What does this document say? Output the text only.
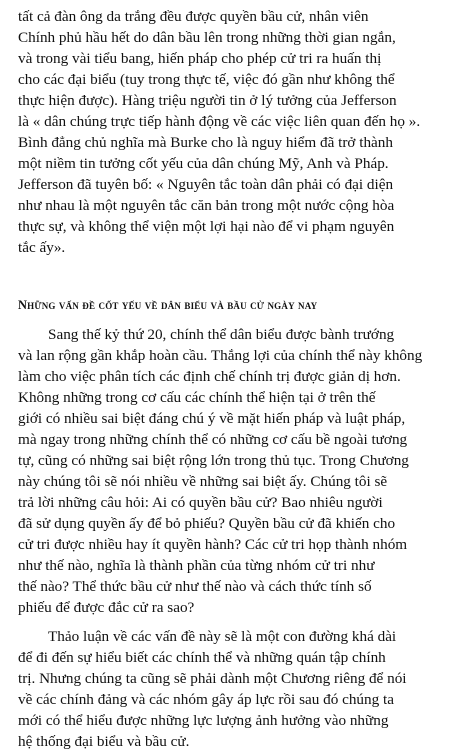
tất cả đàn ông da trắng đều được quyền bầu cử, nhân viên
Chính phủ hầu hết do dân bầu lên trong những thời gian ngắn,
và trong vài tiểu bang, hiến pháp cho phép cử tri ra huấn thị
cho các đại biểu (tuy trong thực tế, việc đó gần như không thể
thực hiện được). Hàng triệu người tin ở lý tưởng của Jefferson
là « dân chúng trực tiếp hành động về các việc liên quan đến họ ».
Bình đẳng chủ nghĩa mà Burke cho là nguy hiểm đã trở thành
một niềm tin tưởng cốt yếu của dân chúng Mỹ, Anh và Pháp.
Jefferson đã tuyên bố: « Nguyên tắc toàn dân phải có đại diện
như nhau là một nguyên tắc căn bản trong một nước cộng hòa
thực sự, và không thể viện một lợi hại nào để vi phạm nguyên
tắc ấy».

Những vấn đề cốt yếu về dân biểu và bầu cử ngày nay

Sang thế kỷ thứ 20, chính thể dân biểu được bành trướng
và lan rộng gần khắp hoàn cầu. Thắng lợi của chính thể này không
làm cho việc phân tích các định chế chính trị được giản dị hơn.
Không những trong cơ cấu các chính thể hiện tại ở trên thế
giới có nhiều sai biệt đáng chú ý về mặt hiến pháp và luật pháp,
mà ngay trong những chính thể có những cơ cấu bề ngoài tương
tự, cũng có những sai biệt rộng lớn trong thủ tục. Trong Chương
này chúng tôi sẽ nói nhiều về những sai biệt ấy. Chúng tôi sẽ
trả lời những câu hỏi: Ai có quyền bầu cử? Bao nhiêu người
đã sử dụng quyền ấy để bỏ phiếu? Quyền bầu cử đã khiến cho
cử tri được nhiều hay ít quyền hành? Các cử tri họp thành nhóm
như thế nào, nghĩa là thành phần của từng nhóm cử tri như
thế nào? Thể thức bầu cử như thế nào và cách thức tính số
phiếu để được đắc cử ra sao?

Thảo luận về các vấn đề này sẽ là một con đường khá dài
để đi đến sự hiểu biết các chính thể và những quán tập chính
trị. Nhưng chúng ta cũng sẽ phải dành một Chương riêng để nói
về các chính đảng và các nhóm gây áp lực rồi sau đó chúng ta
mới có thể hiểu được những lực lượng ảnh hưởng vào những
hệ thống đại biểu và bầu cử.
